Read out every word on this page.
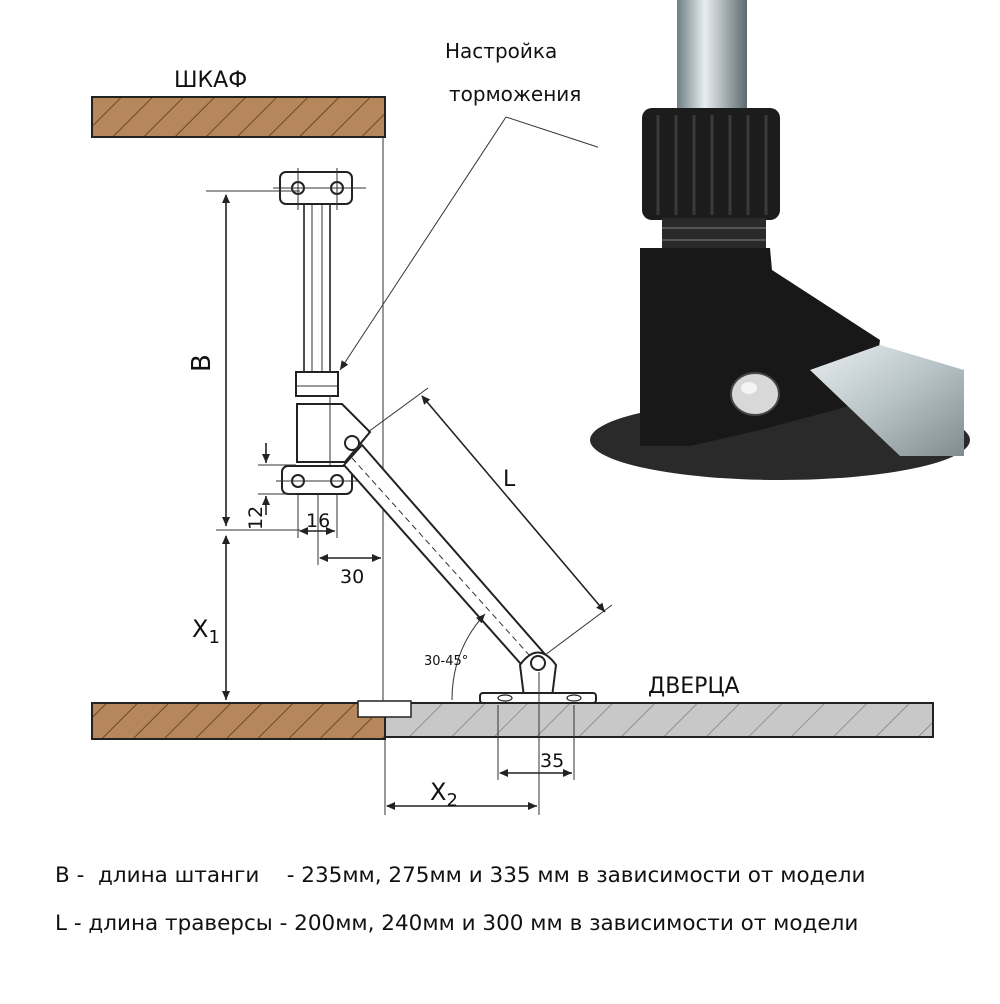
ШКАФ
ДВЕРЦА
B
$X_1$
12 16
30
L
30-45°
35
$X_2$
Настройка
торможения
B -  длина штанги    - 235мм, 275мм и 335 мм в зависимости от модели
L - длина траверсы - 200мм, 240мм и 300 мм в зависимости от модели
